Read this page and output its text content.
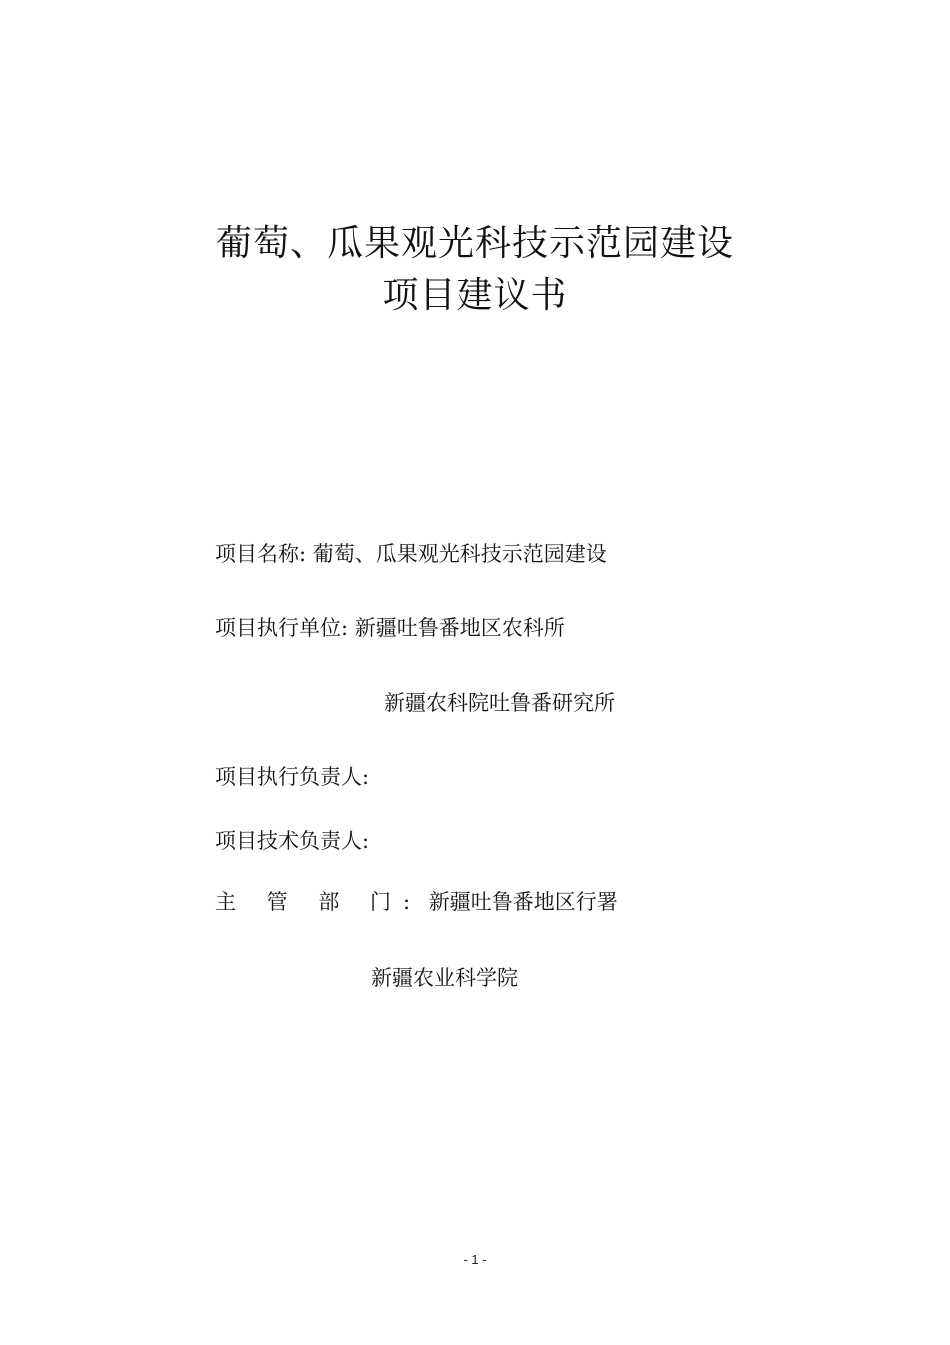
葡萄、瓜果观光科技示范园建设
项目建议书
项目名称: 葡萄、瓜果观光科技示范园建设
项目执行单位: 新疆吐鲁番地区农科所
新疆农科院吐鲁番研究所
项目执行负责人:
项目技术负责人:
主 管 部 门: 新疆吐鲁番地区行署
新疆农业科学院
- 1 -
